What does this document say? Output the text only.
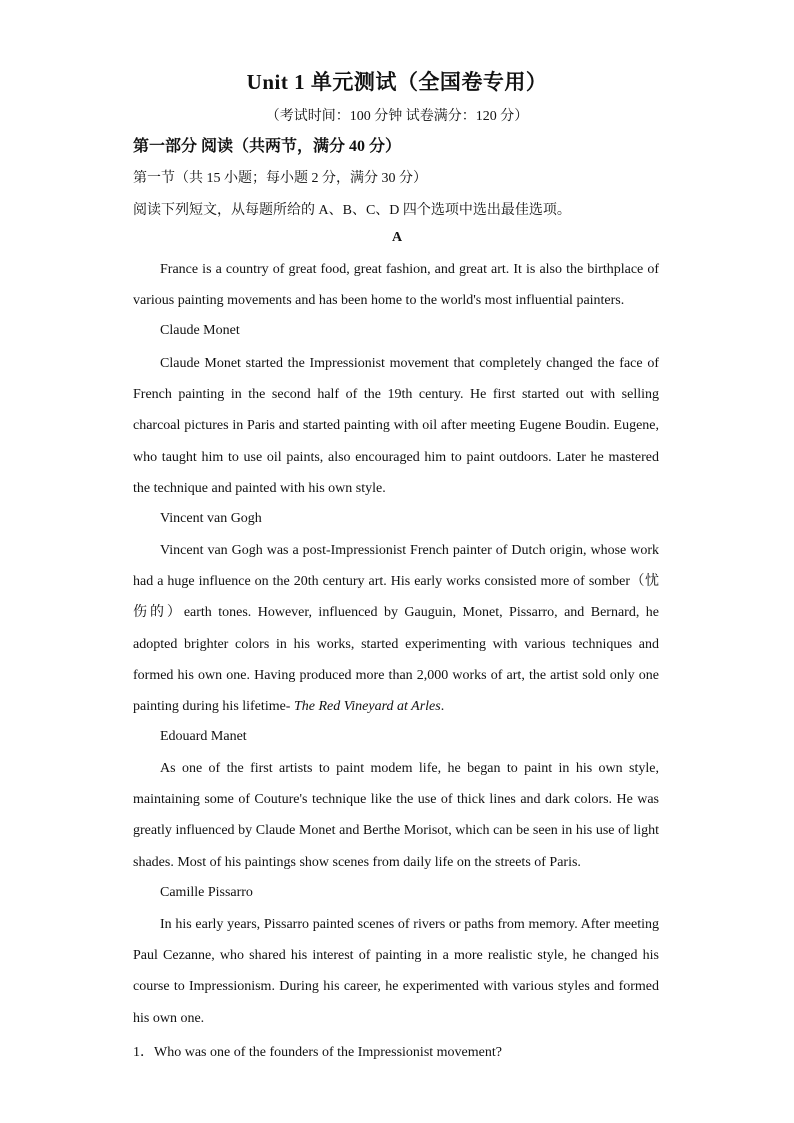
Unit 1 单元测试（全国卷专用）
（考试时间：100 分钟 试卷满分：120 分）
第一部分 阅读（共两节，满分 40 分）
第一节（共 15 小题；每小题 2 分，满分 30 分）
阅读下列短文，从每题所给的 A、B、C、D 四个选项中选出最佳选项。
A

France is a country of great food, great fashion, and great art. It is also the birthplace of various painting movements and has been home to the world's most influential painters.

Claude Monet

Claude Monet started the Impressionist movement that completely changed the face of French painting in the second half of the 19th century. He first started out with selling charcoal pictures in Paris and started painting with oil after meeting Eugene Boudin. Eugene, who taught him to use oil paints, also encouraged him to paint outdoors. Later he mastered the technique and painted with his own style.

Vincent van Gogh

Vincent van Gogh was a post-Impressionist French painter of Dutch origin, whose work had a huge influence on the 20th century art. His early works consisted more of somber（忧伤的）earth tones. However, influenced by Gauguin, Monet, Pissarro, and Bernard, he adopted brighter colors in his works, started experimenting with various techniques and formed his own one. Having produced more than 2,000 works of art, the artist sold only one painting during his lifetime- The Red Vineyard at Arles.

Edouard Manet

As one of the first artists to paint modem life, he began to paint in his own style, maintaining some of Couture's technique like the use of thick lines and dark colors. He was greatly influenced by Claude Monet and Berthe Morisot, which can be seen in his use of light shades. Most of his paintings show scenes from daily life on the streets of Paris.

Camille Pissarro

In his early years, Pissarro painted scenes of rivers or paths from memory. After meeting Paul Cezanne, who shared his interest of painting in a more realistic style, he changed his course to Impressionism. During his career, he experimented with various styles and formed his own one.

1．Who was one of the founders of the Impressionist movement?
